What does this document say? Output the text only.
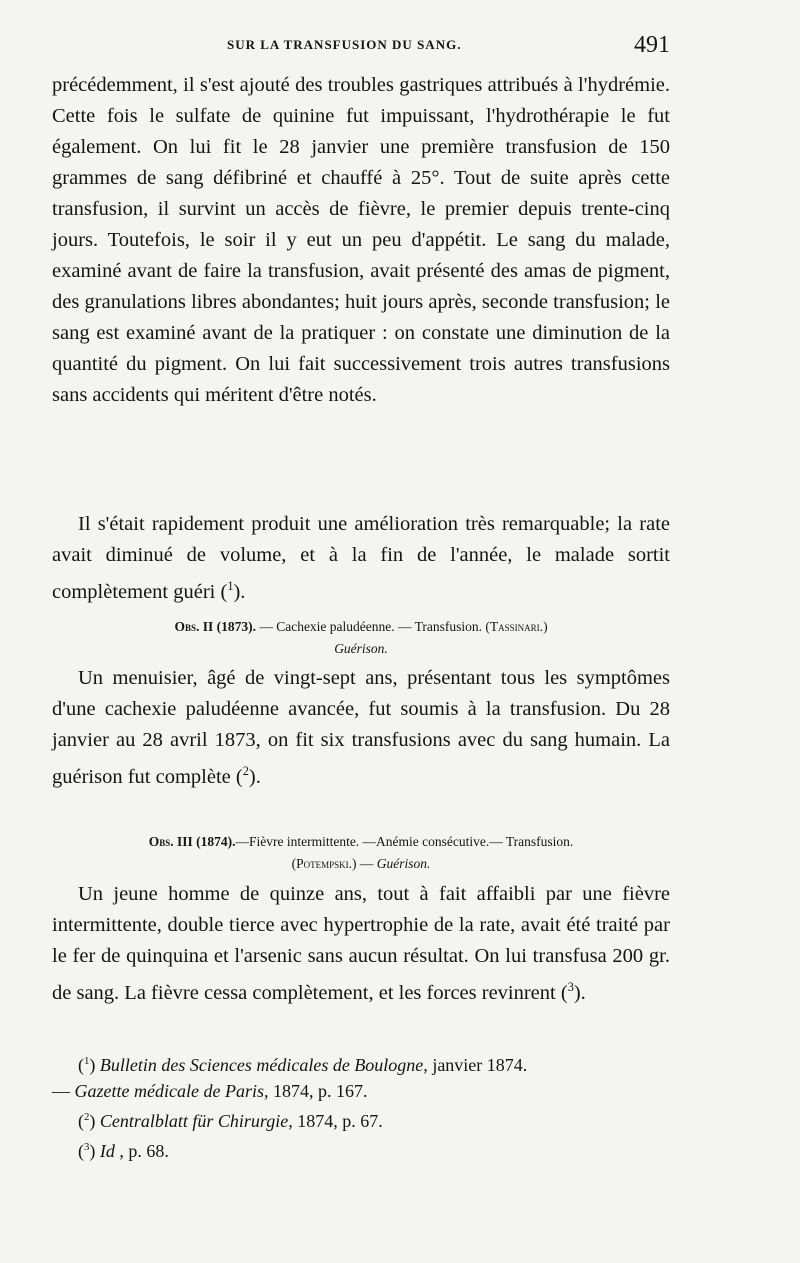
SUR LA TRANSFUSION DU SANG.	491

précédemment, il s'est ajouté des troubles gastriques attribués à l'hydrémie. Cette fois le sulfate de quinine fut impuissant, l'hydrothérapie le fut également. On lui fit le 28 janvier une première transfusion de 150 grammes de sang défibriné et chauffé à 25°. Tout de suite après cette transfusion, il survint un accès de fièvre, le premier depuis trente-cinq jours. Toutefois, le soir il y eut un peu d'appétit. Le sang du malade, examiné avant de faire la transfusion, avait présenté des amas de pigment, des granulations libres abondantes; huit jours après, seconde transfusion; le sang est examiné avant de la pratiquer : on constate une diminution de la quantité du pigment. On lui fait successivement trois autres transfusions sans accidents qui méritent d'être notés.

Il s'était rapidement produit une amélioration très remarquable; la rate avait diminué de volume, et à la fin de l'année, le malade sortit complètement guéri ($^1$).

Obs. II (1873). — Cachexie paludéenne. — Transfusion. (Tassinari.)

Guérison.

Un menuisier, âgé de vingt-sept ans, présentant tous les symptômes d'une cachexie paludéenne avancée, fut soumis à la transfusion. Du 28 janvier au 28 avril 1873, on fit six transfusions avec du sang humain. La guérison fut complète ($^2$).

Obs. III (1874).—Fièvre intermittente. —Anémie consécutive.— Transfusion.

(Potempski.) — Guérison.

Un jeune homme de quinze ans, tout à fait affaibli par une fièvre intermittente, double tierce avec hypertrophie de la rate, avait été traité par le fer de quinquina et l'arsenic sans aucun résultat. On lui transfusa 200 gr. de sang. La fièvre cessa complètement, et les forces revinrent ($^3$).

($^1$) Bulletin des Sciences médicales de Boulogne, janvier 1874.

— Gazette médicale de Paris, 1874, p. 167.

($^2$) Centralblatt für Chirurgie, 1874, p. 67.

($^3$) Id , p. 68.
